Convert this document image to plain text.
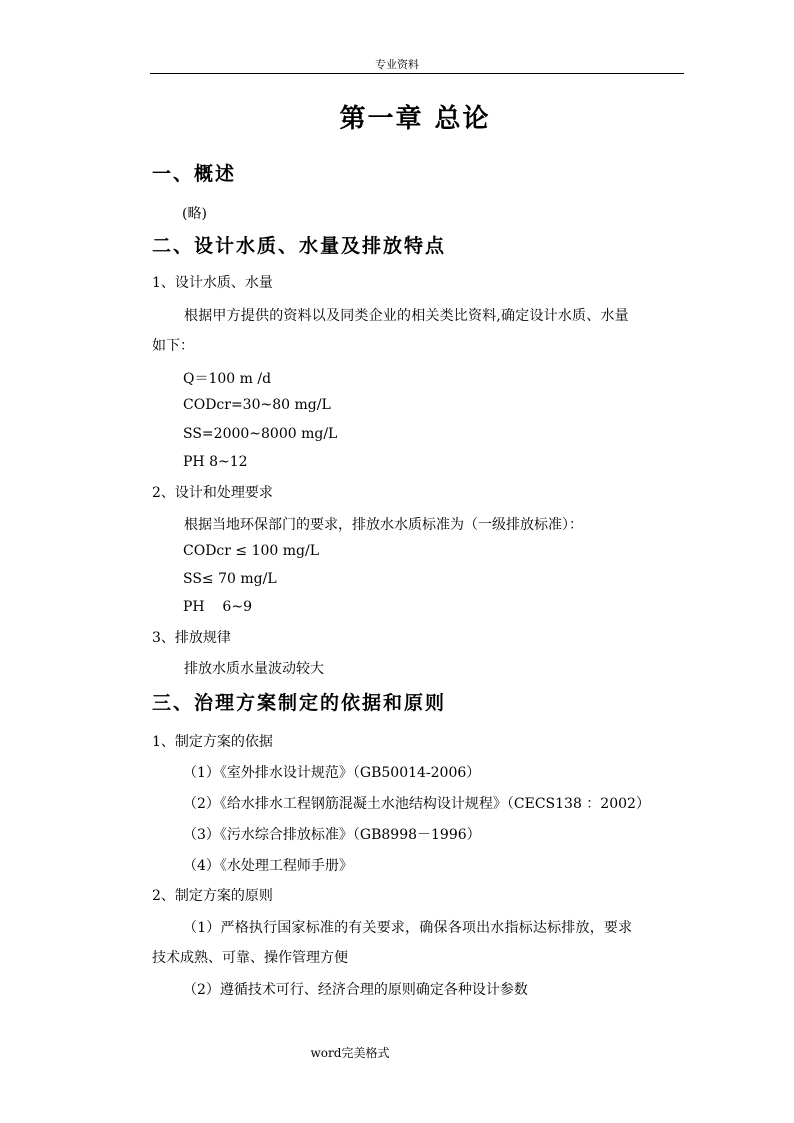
专业资料
第一章 总论
一、概述
(略)
二、设计水质、水量及排放特点
1、设计水质、水量
根据甲方提供的资料以及同类企业的相关类比资料,确定设计水质、水量
如下：
Q＝100 m /d
CODcr=30~80 mg/L
SS=2000~8000 mg/L
PH 8~12
2、设计和处理要求
根据当地环保部门的要求，排放水水质标准为（一级排放标准）：
CODcr ≤ 100 mg/L
SS≤ 70 mg/L
PH    6~9
3、排放规律
排放水质水量波动较大
三、治理方案制定的依据和原则
1、制定方案的依据
（1）《室外排水设计规范》（GB50014-2006）
（2）《给水排水工程钢筋混凝土水池结构设计规程》（CECS138 ：2002）
（3）《污水综合排放标准》（GB8998－1996）
（4）《水处理工程师手册》
2、制定方案的原则
（1）严格执行国家标准的有关要求，确保各项出水指标达标排放，要求
技术成熟、可靠、操作管理方便
（2）遵循技术可行、经济合理的原则确定各种设计参数
word完美格式
